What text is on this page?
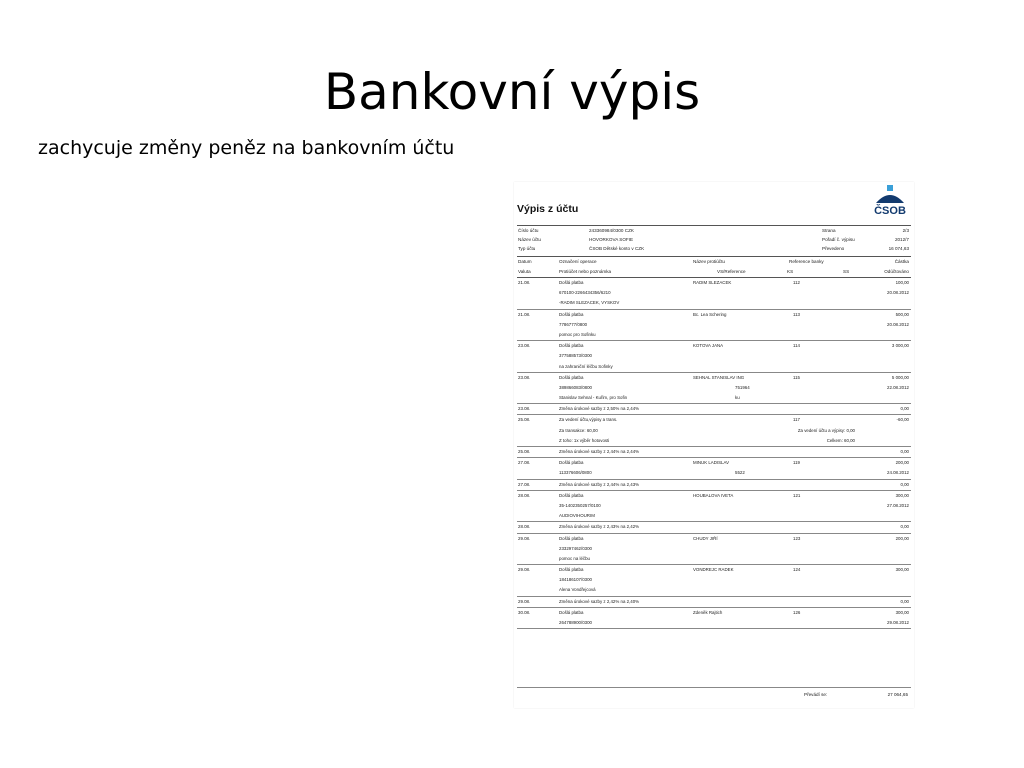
Bankovní výpis
zachycuje změny peněz na bankovním účtu
Výpis z účtu	ČSOB
Číslo účtu	243360984/0300 CZK	Strana	2/3
Název účtu	HOVORKOVA SOFIE	Pořadí č. výpisu	2012/7
Typ účtu	ČSOB Dětské konto v CZK	Převedeno	16 074,63
Datum	Označení operace	Název protiúčtu	Reference banky	Částka
Valuta	Protiúčet nebo poznámka	VS/Reference	KS	SS	Odúčtováno
21.08.	Došlá platba	RADIM SLEZACEK	112	100,00
670100-2266434356/6210	20.08.2012
-RADIM SLEZACEK, VYSKOV
21.08.	Došlá platba	Bc. Lea Schering	113	500,00
7786777/0800	20.08.2012
pomoc pro Sofinku
23.08.	Došlá platba	KOTOVA JANA	114	3 000,00
377588573/0300
na zahraniční léčbu Sofinky
23.08.	Došlá platba	SEHNAL STANISLAV ING	115	5 000,00
389866083/0800	751964	22.08.2012
Stanislav Sehnal - Kuřim, pro Sofin	ku
23.08.	Změna úrokové sazby z 2,50% na 2,44%	0,00
25.08.	Za vedení účtu,výpisy a trans.	117	-60,00
Za transakce: 60,00	Za vedení účtu a výpisy: 0,00
Z toho: 1x výběr hotovosti	Celkem: 60,00
25.08.	Změna úrokové sazby z 2,44% na 2,44%	0,00
27.08.	Došlá platba	MINUK LADISLAV	119	200,00
113376606/0800	5522	24.08.2012
27.08.	Změna úrokové sazby z 2,44% na 2,43%	0,00
28.08.	Došlá platba	HOUBALOVA IVETA	121	300,00
35-1402350257/0100	27.08.2012
AUDIOVIHOURIM
28.08.	Změna úrokové sazby z 2,43% na 2,42%	0,00
29.08.	Došlá platba	CHUDY JIŘÍ	123	200,00
233297462/0300
pomoc na léčbu
29.08.	Došlá platba	VONDREJC RADEK	124	300,00
184186107/0300
Alena Vondřejcová
29.08.	Změna úrokové sazby z 2,42% na 2,40%	0,00
30.08.	Došlá platba	Zdeněk Rajtich	126	300,00
264788900/0300	29.08.2012
Převádí se:	27 064,65
